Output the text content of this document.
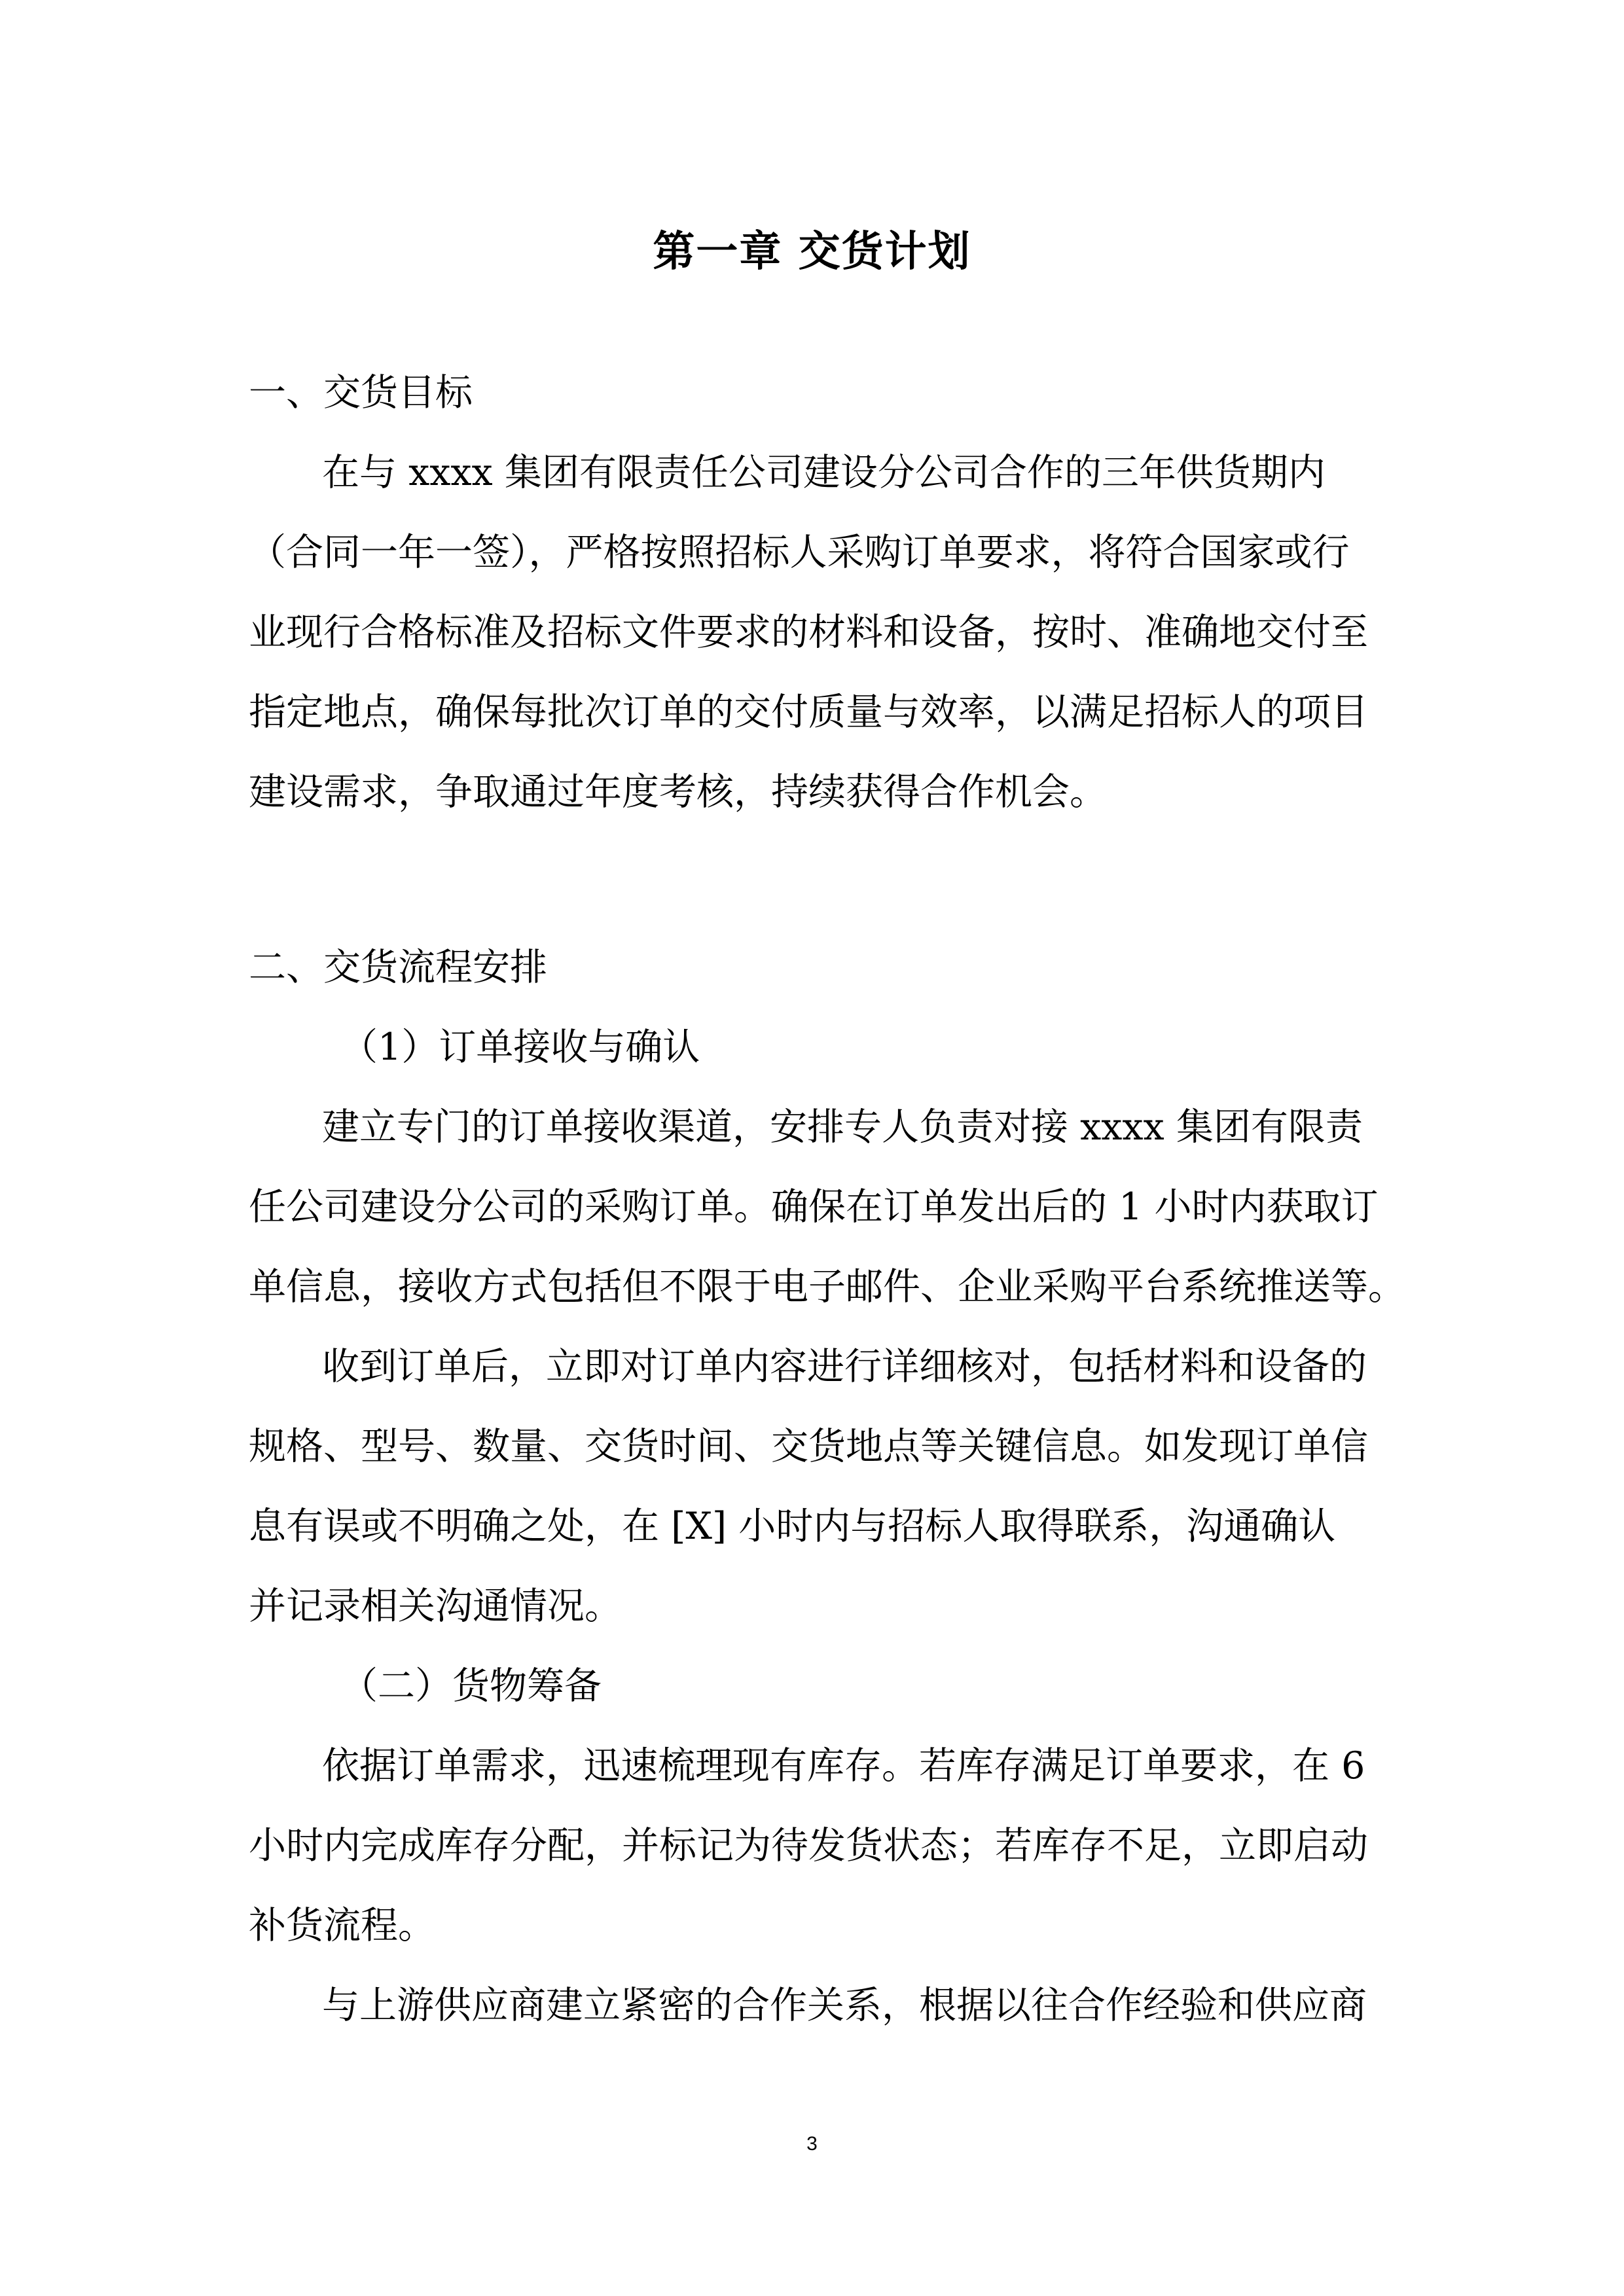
第一章 交货计划
一、交货目标
在与 xxxx 集团有限责任公司建设分公司合作的三年供货期内
（合同一年一签），严格按照招标人采购订单要求，将符合国家或行
业现行合格标准及招标文件要求的材料和设备，按时、准确地交付至
指定地点，确保每批次订单的交付质量与效率，以满足招标人的项目
建设需求，争取通过年度考核，持续获得合作机会。
二、交货流程安排
（1）订单接收与确认
建立专门的订单接收渠道，安排专人负责对接 xxxx 集团有限责
任公司建设分公司的采购订单。确保在订单发出后的 1 小时内获取订
单信息，接收方式包括但不限于电子邮件、企业采购平台系统推送等。
收到订单后，立即对订单内容进行详细核对，包括材料和设备的
规格、型号、数量、交货时间、交货地点等关键信息。如发现订单信
息有误或不明确之处，在 [X] 小时内与招标人取得联系，沟通确认
并记录相关沟通情况。
（二）货物筹备
依据订单需求，迅速梳理现有库存。若库存满足订单要求，在 6
小时内完成库存分配，并标记为待发货状态；若库存不足，立即启动
补货流程。
与上游供应商建立紧密的合作关系，根据以往合作经验和供应商
3
